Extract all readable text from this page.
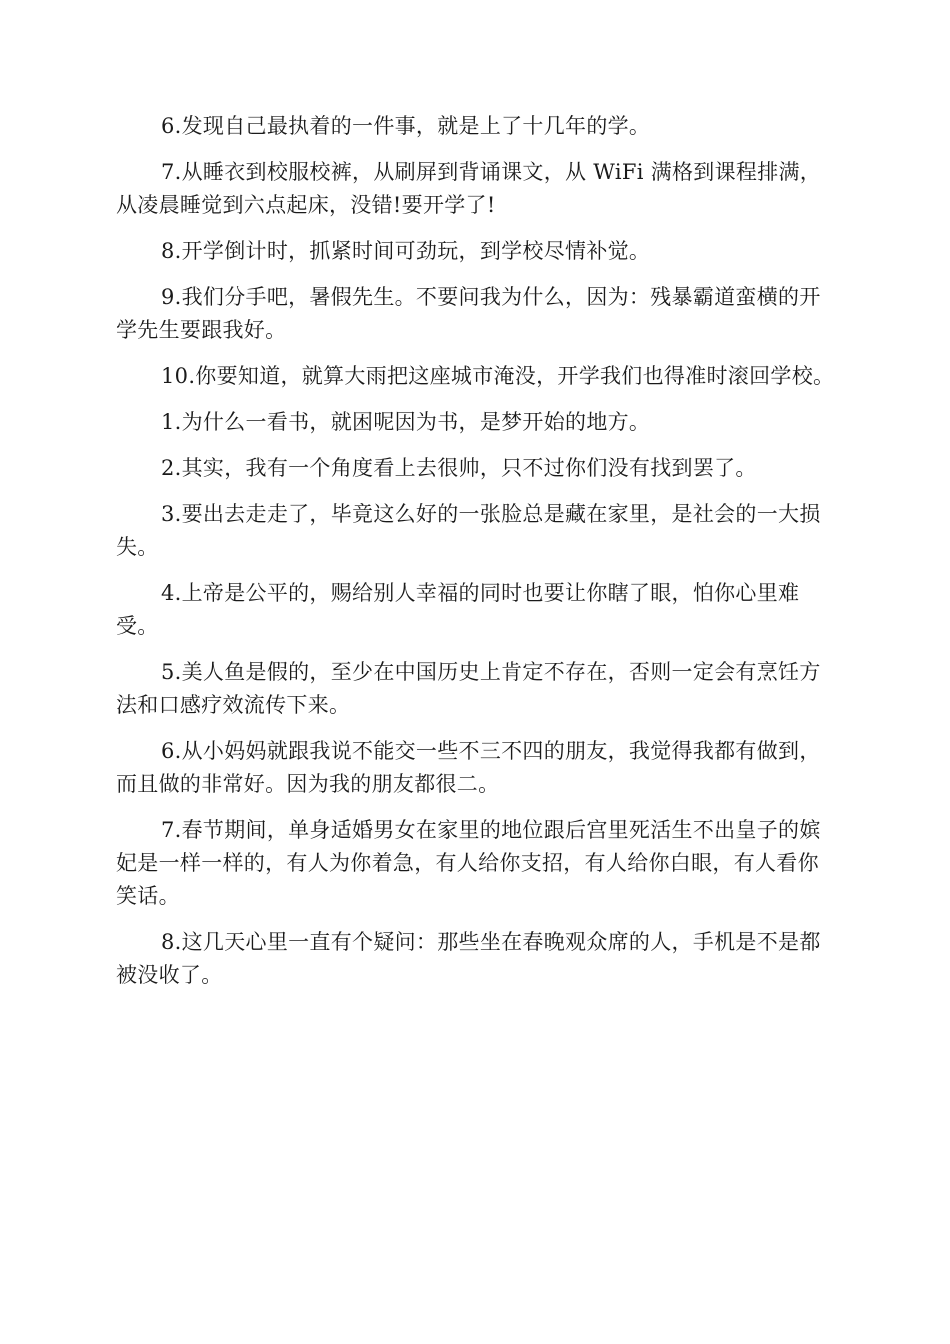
6.发现自己最执着的一件事，就是上了十几年的学。

7.从睡衣到校服校裤，从刷屏到背诵课文，从 WiFi 满格到课程排满，从凌晨睡觉到六点起床，没错!要开学了!

8.开学倒计时，抓紧时间可劲玩，到学校尽情补觉。

9.我们分手吧，暑假先生。不要问我为什么，因为：残暴霸道蛮横的开学先生要跟我好。

10.你要知道，就算大雨把这座城市淹没，开学我们也得准时滚回学校。

1.为什么一看书，就困呢因为书，是梦开始的地方。

2.其实，我有一个角度看上去很帅，只不过你们没有找到罢了。

3.要出去走走了，毕竟这么好的一张脸总是藏在家里，是社会的一大损失。

4.上帝是公平的，赐给别人幸福的同时也要让你瞎了眼，怕你心里难受。

5.美人鱼是假的，至少在中国历史上肯定不存在，否则一定会有烹饪方法和口感疗效流传下来。

6.从小妈妈就跟我说不能交一些不三不四的朋友，我觉得我都有做到，而且做的非常好。因为我的朋友都很二。

7.春节期间，单身适婚男女在家里的地位跟后宫里死活生不出皇子的嫔妃是一样一样的，有人为你着急，有人给你支招，有人给你白眼，有人看你笑话。

8.这几天心里一直有个疑问：那些坐在春晚观众席的人，手机是不是都被没收了。
